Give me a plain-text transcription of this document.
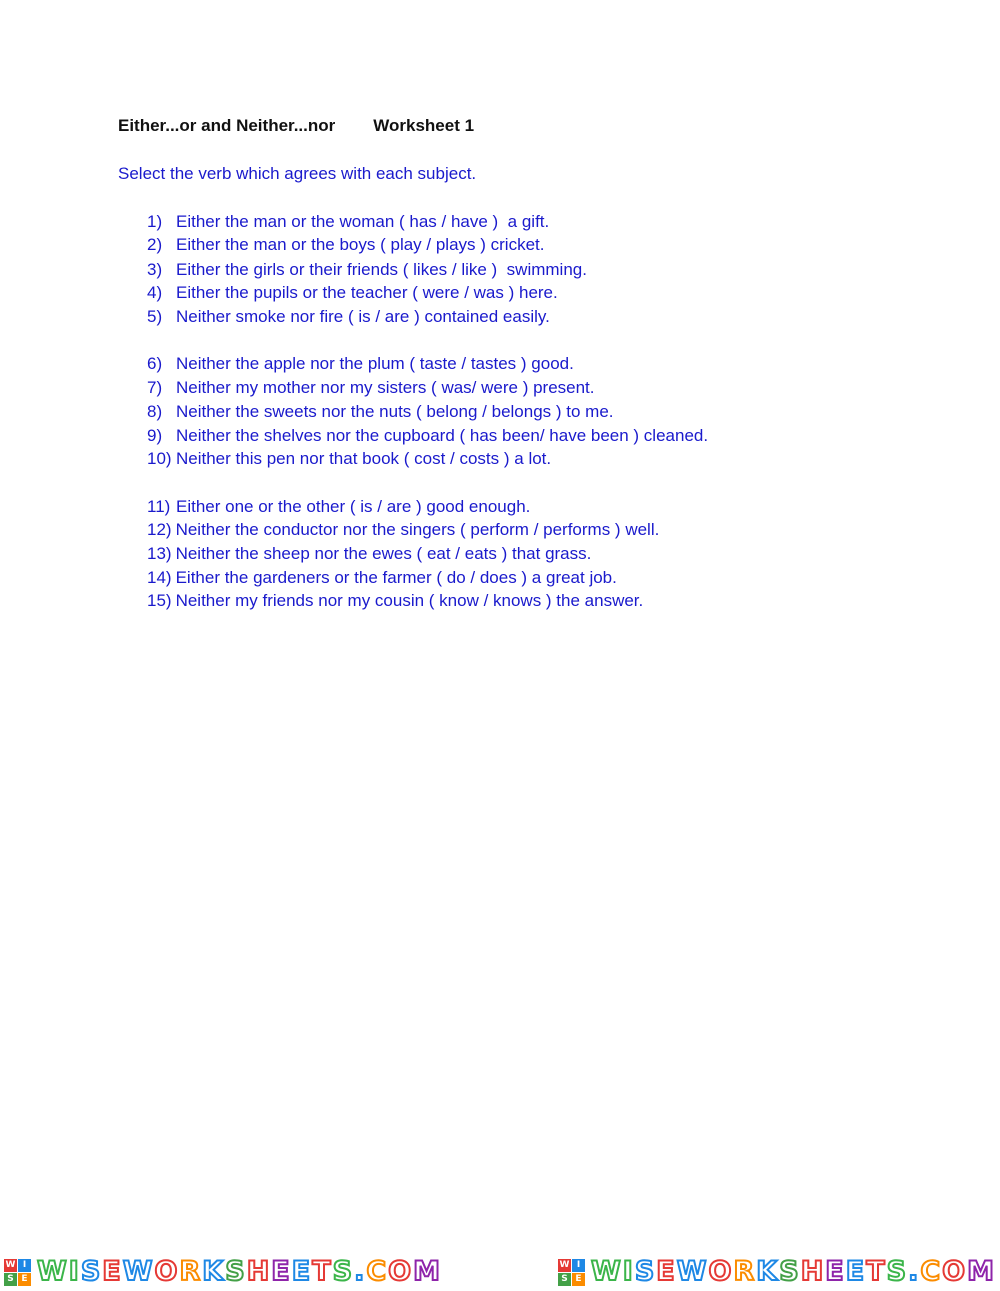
Either...or and Neither...nor Worksheet 1
Select the verb which agrees with each subject.
1) Either the man or the woman ( has / have )  a gift.
2) Either the man or the boys ( play / plays ) cricket.
3) Either the girls or their friends ( likes / like )  swimming.
4) Either the pupils or the teacher ( were / was ) here.
5) Neither smoke nor fire ( is / are ) contained easily.
6) Neither the apple nor the plum ( taste / tastes ) good.
7) Neither my mother nor my sisters ( was/ were ) present.
8) Neither the sweets nor the nuts ( belong / belongs ) to me.
9) Neither the shelves nor the cupboard ( has been/ have been ) cleaned.
10) Neither this pen nor that book ( cost / costs ) a lot.
11) Either one or the other ( is / are ) good enough.
12) Neither the conductor nor the singers ( perform / performs ) well.
13) Neither the sheep nor the ewes ( eat / eats ) that grass.
14) Either the gardeners or the farmer ( do / does ) a great job.
15) Neither my friends nor my cousin ( know / knows ) the answer.
W I
S E WISEWORKSHEETS.COM	W I
S E WISEWORKSHEETS.COM
